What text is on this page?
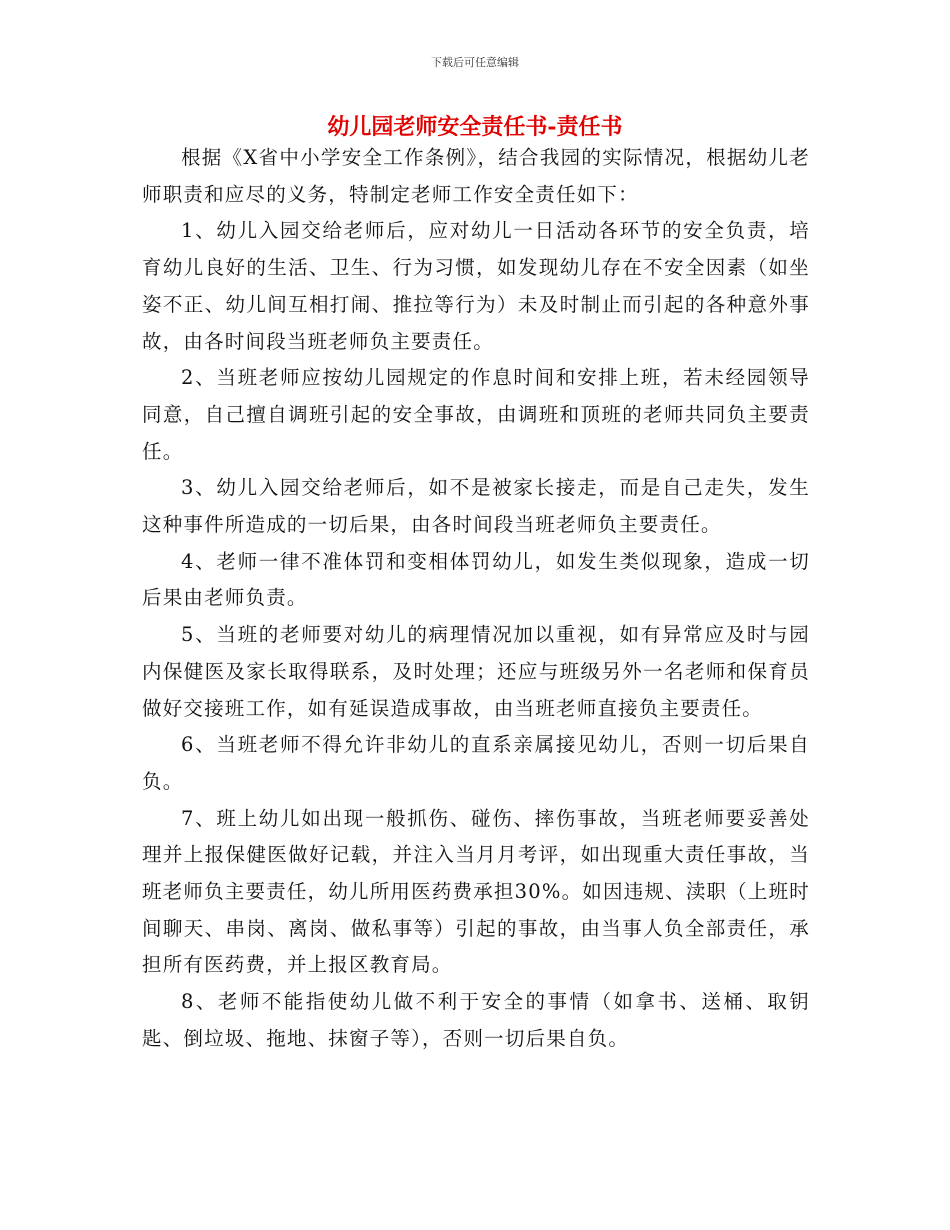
下载后可任意编辑
幼儿园老师安全责任书-责任书

根据《X省中小学安全工作条例》，结合我园的实际情况，根据幼儿老师职责和应尽的义务，特制定老师工作安全责任如下：

1、幼儿入园交给老师后，应对幼儿一日活动各环节的安全负责，培育幼儿良好的生活、卫生、行为习惯，如发现幼儿存在不安全因素（如坐姿不正、幼儿间互相打闹、推拉等行为）未及时制止而引起的各种意外事故，由各时间段当班老师负主要责任。

2、当班老师应按幼儿园规定的作息时间和安排上班，若未经园领导同意，自己擅自调班引起的安全事故，由调班和顶班的老师共同负主要责任。

3、幼儿入园交给老师后，如不是被家长接走，而是自己走失，发生这种事件所造成的一切后果，由各时间段当班老师负主要责任。

4、老师一律不准体罚和变相体罚幼儿，如发生类似现象，造成一切后果由老师负责。

5、当班的老师要对幼儿的病理情况加以重视，如有异常应及时与园内保健医及家长取得联系，及时处理；还应与班级另外一名老师和保育员做好交接班工作，如有延误造成事故，由当班老师直接负主要责任。

6、当班老师不得允许非幼儿的直系亲属接见幼儿，否则一切后果自负。

7、班上幼儿如出现一般抓伤、碰伤、摔伤事故，当班老师要妥善处理并上报保健医做好记载，并注入当月月考评，如出现重大责任事故，当班老师负主要责任，幼儿所用医药费承担30%。如因违规、渎职（上班时间聊天、串岗、离岗、做私事等）引起的事故，由当事人负全部责任，承担所有医药费，并上报区教育局。

8、老师不能指使幼儿做不利于安全的事情（如拿书、送桶、取钥匙、倒垃圾、拖地、抹窗子等），否则一切后果自负。
